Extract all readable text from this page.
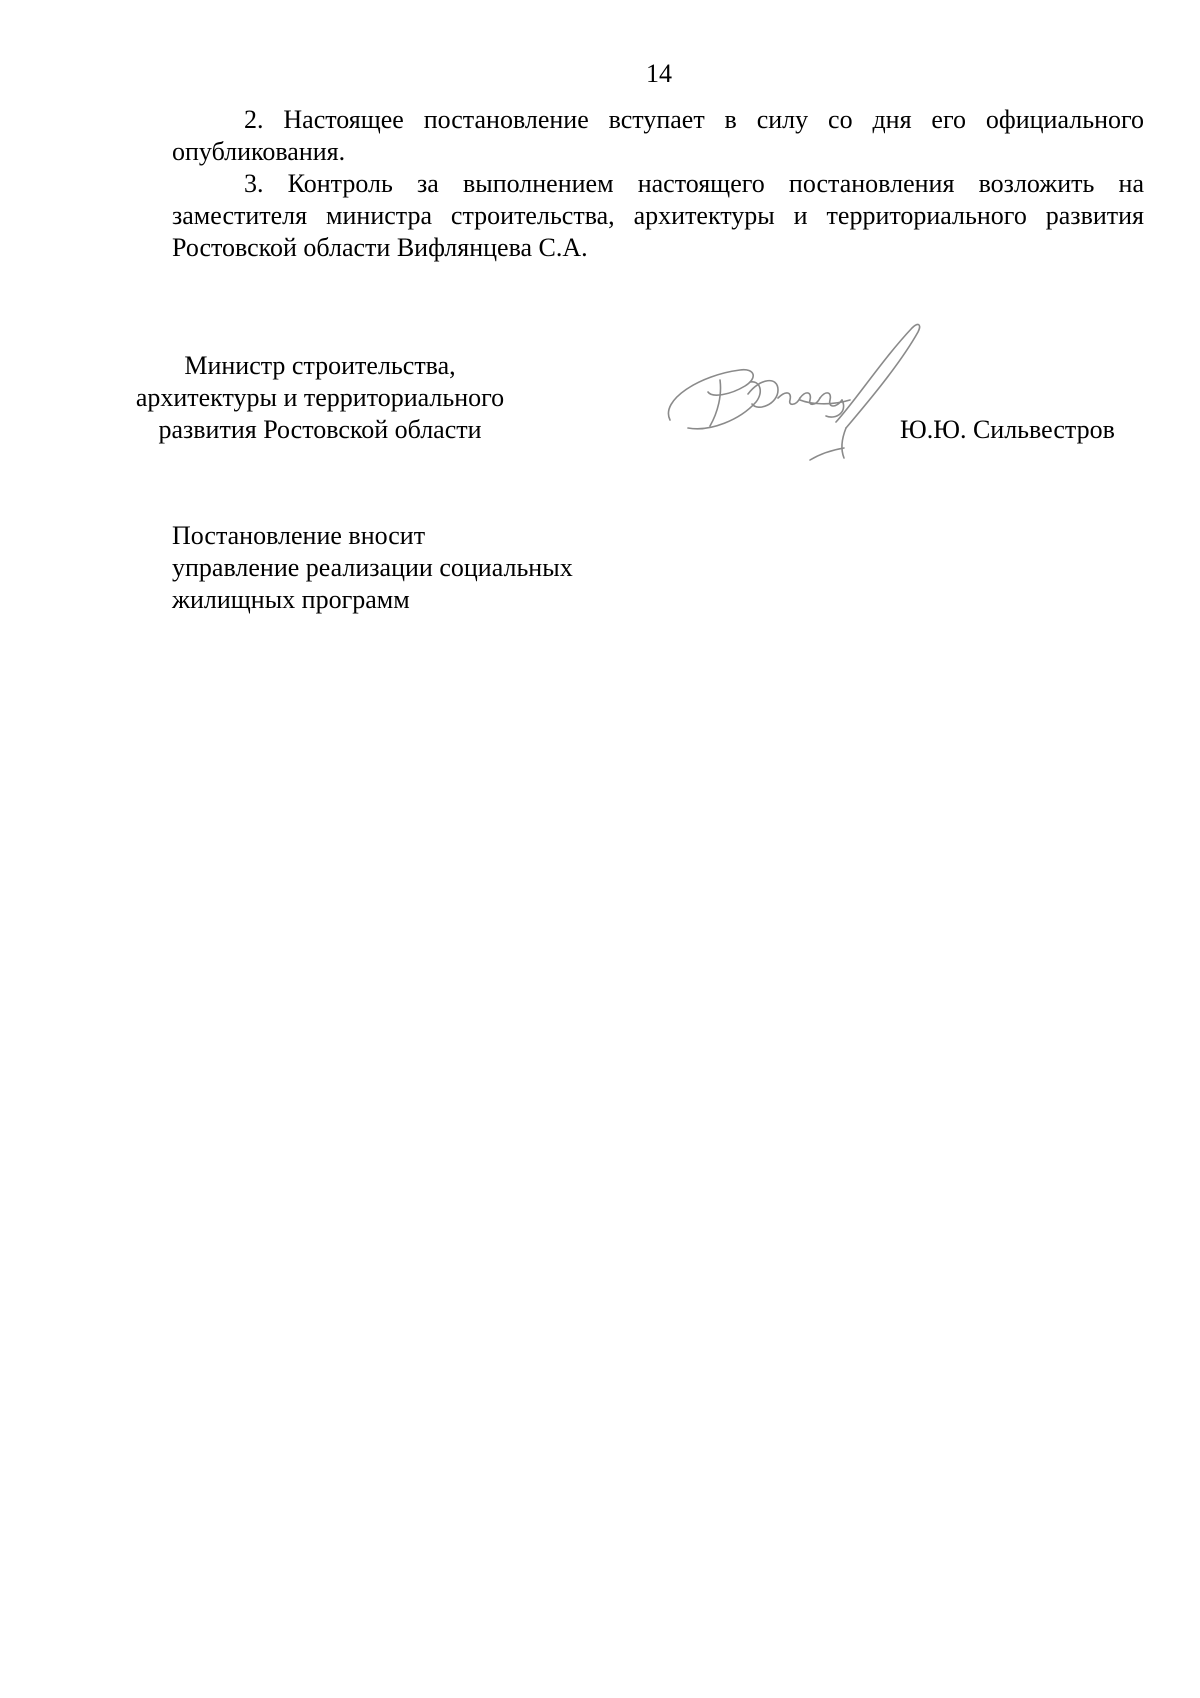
14

2. Настоящее постановление вступает в силу со дня его официального опубликования.

3. Контроль за выполнением настоящего постановления возложить на заместителя министра строительства, архитектуры и территориального развития Ростовской области Вифлянцева С.А.

Министр строительства,
архитектуры и территориального
развития Ростовской области	Ю.Ю. Сильвестров
Постановление вносит
управление реализации социальных
жилищных программ
